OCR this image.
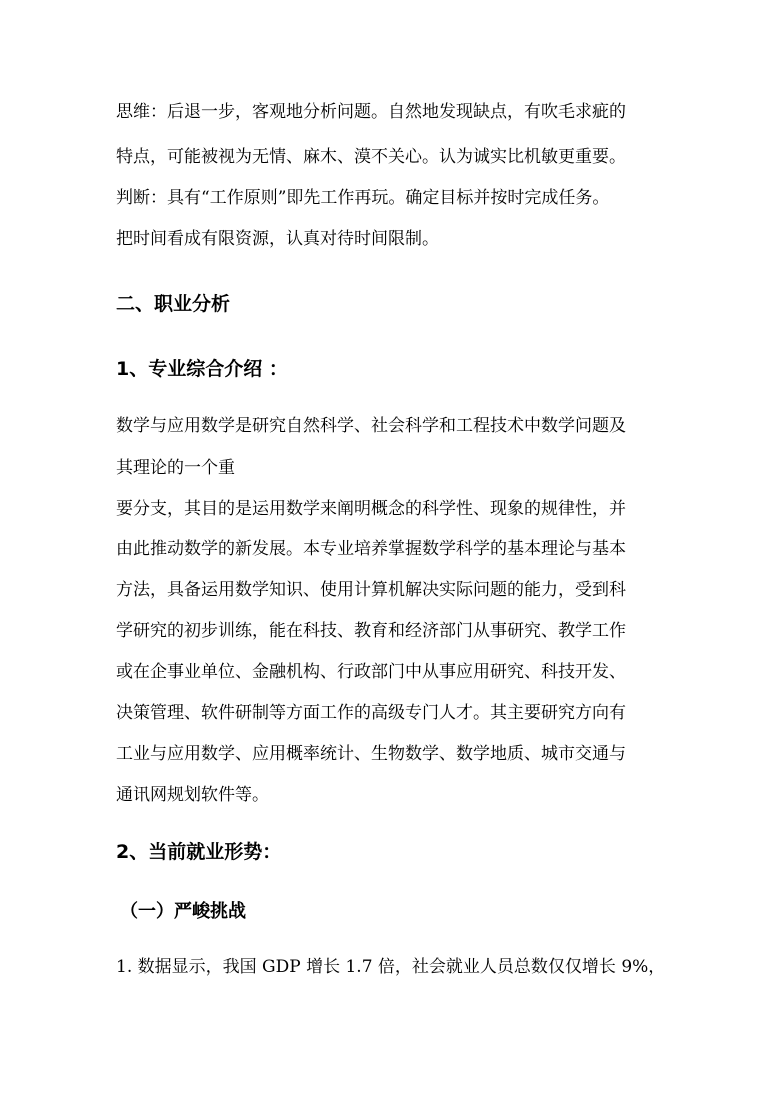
思维：后退一步，客观地分析问题。自然地发现缺点，有吹毛求疵的
特点，可能被视为无情、麻木、漠不关心。认为诚实比机敏更重要。
判断：具有“工作原则”即先工作再玩。确定目标并按时完成任务。
把时间看成有限资源，认真对待时间限制。
二、职业分析
1、专业综合介绍 ：
数学与应用数学是研究自然科学、社会科学和工程技术中数学问题及
其理论的一个重
要分支，其目的是运用数学来阐明概念的科学性、现象的规律性，并
由此推动数学的新发展。本专业培养掌握数学科学的基本理论与基本
方法，具备运用数学知识、使用计算机解决实际问题的能力，受到科
学研究的初步训练，能在科技、教育和经济部门从事研究、教学工作
或在企事业单位、金融机构、行政部门中从事应用研究、科技开发、
决策管理、软件研制等方面工作的高级专门人才。其主要研究方向有
工业与应用数学、应用概率统计、生物数学、数学地质、城市交通与
通讯网规划软件等。
2、当前就业形势：
（一）严峻挑战
1. 数据显示，我国 GDP 增长 1.7 倍，社会就业人员总数仅仅增长 9%，
